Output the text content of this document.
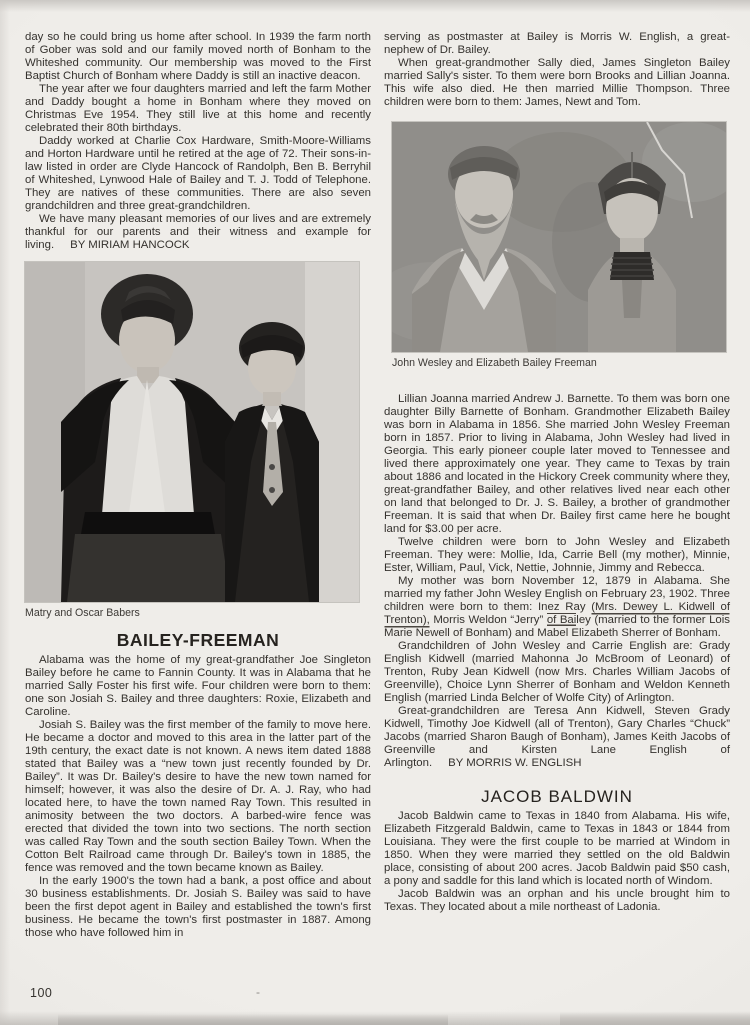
day so he could bring us home after school. In 1939 the farm north of Gober was sold and our family moved north of Bonham to the Whiteshed community. Our membership was moved to the First Baptist Church of Bonham where Daddy is still an inactive deacon.

The year after we four daughters married and left the farm Mother and Daddy bought a home in Bonham where they moved on Christmas Eve 1954. They still live at this home and recently celebrated their 80th birthdays.

Daddy worked at Charlie Cox Hardware, Smith-Moore-Williams and Horton Hardware until he retired at the age of 72. Their sons-in-law listed in order are Clyde Hancock of Randolph, Ben B. Berryhil of Whiteshed, Lynwood Hale of Bailey and T. J. Todd of Telephone. They are natives of these communities. There are also seven grandchildren and three great-grandchildren.

We have many pleasant memories of our lives and are extremely thankful for our parents and their witness and example for living. BY MIRIAM HANCOCK

Matry and Oscar Babers

BAILEY-FREEMAN

Alabama was the home of my great-grandfather Joe Singleton Bailey before he came to Fannin County. It was in Alabama that he married Sally Foster his first wife. Four children were born to them: one son Josiah S. Bailey and three daughters: Roxie, Elizabeth and Caroline.

Josiah S. Bailey was the first member of the family to move here. He became a doctor and moved to this area in the latter part of the 19th century, the exact date is not known. A news item dated 1888 stated that Bailey was a “new town just recently founded by Dr. Bailey”. It was Dr. Bailey's desire to have the new town named for himself; however, it was also the desire of Dr. A. J. Ray, who had located here, to have the town named Ray Town. This resulted in animosity between the two doctors. A barbed-wire fence was erected that divided the town into two sections. The north section was called Ray Town and the south section Bailey Town. When the Cotton Belt Railroad came through Dr. Bailey's town in 1885, the fence was removed and the town became known as Bailey.

In the early 1900's the town had a bank, a post office and about 30 business establishments. Dr. Josiah S. Bailey was said to have been the first depot agent in Bailey and established the town's first business. He became the town's first postmaster in 1887. Among those who have followed him in

serving as postmaster at Bailey is Morris W. English, a great-nephew of Dr. Bailey.

When great-grandmother Sally died, James Singleton Bailey married Sally's sister. To them were born Brooks and Lillian Joanna. This wife also died. He then married Millie Thompson. Three children were born to them: James, Newt and Tom.

John Wesley and Elizabeth Bailey Freeman

Lillian Joanna married Andrew J. Barnette. To them was born one daughter Billy Barnette of Bonham. Grandmother Elizabeth Bailey was born in Alabama in 1856. She married John Wesley Freeman born in 1857. Prior to living in Alabama, John Wesley had lived in Georgia. This early pioneer couple later moved to Tennessee and lived there approximately one year. They came to Texas by train about 1886 and located in the Hickory Creek community where they, great-grandfather Bailey, and other relatives lived near each other on land that belonged to Dr. J. S. Bailey, a brother of grandmother Freeman. It is said that when Dr. Bailey first came here he bought land for $3.00 per acre.

Twelve children were born to John Wesley and Elizabeth Freeman. They were: Mollie, Ida, Carrie Bell (my mother), Minnie, Ester, William, Paul, Vick, Nettie, Johnnie, Jimmy and Rebecca.

My mother was born November 12, 1879 in Alabama. She married my father John Wesley English on February 23, 1902. Three children were born to them: Inez Ray (Mrs. Dewey L. Kidwell of Trenton), Morris Weldon “Jerry” of Bailey (married to the former Lois Marie Newell of Bonham) and Mabel Elizabeth Sherrer of Bonham.

Grandchildren of John Wesley and Carrie English are: Grady English Kidwell (married Mahonna Jo McBroom of Leonard) of Trenton, Ruby Jean Kidwell (now Mrs. Charles William Jacobs of Greenville), Choice Lynn Sherrer of Bonham and Weldon Kenneth English (married Linda Belcher of Wolfe City) of Arlington.

Great-grandchildren are Teresa Ann Kidwell, Steven Grady Kidwell, Timothy Joe Kidwell (all of Trenton), Gary Charles “Chuck” Jacobs (married Sharon Baugh of Bonham), James Keith Jacobs of Greenville and Kirsten Lane English of Arlington. BY MORRIS W. ENGLISH

JACOB BALDWIN

Jacob Baldwin came to Texas in 1840 from Alabama. His wife, Elizabeth Fitzgerald Baldwin, came to Texas in 1843 or 1844 from Louisiana. They were the first couple to be married at Windom in 1850. When they were married they settled on the old Baldwin place, consisting of about 200 acres. Jacob Baldwin paid $50 cash, a pony and saddle for this land which is located north of Windom.

Jacob Baldwin was an orphan and his uncle brought him to Texas. They located about a mile northeast of Ladonia.

100	-
